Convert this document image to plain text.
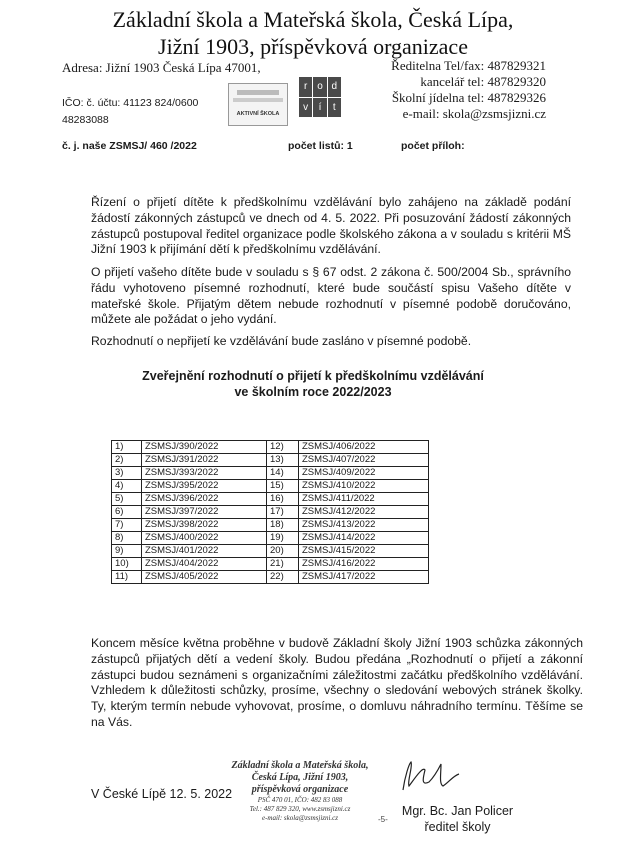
Základní škola a Mateřská škola, Česká Lípa,
Jižní 1903, příspěvková organizace
Adresa: Jižní 1903 Česká Lípa 47001,
IČO: č. účtu: 41123 824/0600
48283088	AKTIVNÍ ŠKOLA
r o d
v	í	t
Ředitelna Tel/fax: 487829321
kancelář tel: 487829320
Školní jídelna tel: 487829326
e-mail: skola@zsmsjizni.cz
č. j. naše ZSMSJ/ 460 /2022	počet listů: 1	počet příloh:

Řízení o přijetí dítěte k předškolnímu vzdělávání bylo zahájeno na základě podání žádostí zákonných zástupců ve dnech od 4. 5. 2022. Při posuzování žádostí zákonných zástupců postupoval ředitel organizace podle školského zákona a v souladu s kritérii MŠ Jižní 1903 k přijímání dětí k předškolnímu vzdělávání.

O přijetí vašeho dítěte bude v souladu s § 67 odst. 2 zákona č. 500/2004 Sb., správního řádu vyhotoveno písemné rozhodnutí, které bude součástí spisu Vašeho dítěte v mateřské škole. Přijatým dětem nebude rozhodnutí v písemné podobě doručováno, můžete ale požádat o jeho vydání.

Rozhodnutí o nepřijetí ke vzdělávání bude zasláno v písemné podobě.

Zveřejnění rozhodnutí o přijetí k předškolnímu vzdělávání
ve školním roce 2022/2023
1)	ZSMSJ/390/2022	12)	ZSMSJ/406/2022
2)	ZSMSJ/391/2022	13)	ZSMSJ/407/2022
3)	ZSMSJ/393/2022	14)	ZSMSJ/409/2022
4)	ZSMSJ/395/2022	15)	ZSMSJ/410/2022
5)	ZSMSJ/396/2022	16)	ZSMSJ/411/2022
6)	ZSMSJ/397/2022	17)	ZSMSJ/412/2022
7)	ZSMSJ/398/2022	18)	ZSMSJ/413/2022
8)	ZSMSJ/400/2022	19)	ZSMSJ/414/2022
9)	ZSMSJ/401/2022	20)	ZSMSJ/415/2022
10)	ZSMSJ/404/2022	21)	ZSMSJ/416/2022
11)	ZSMSJ/405/2022	22)	ZSMSJ/417/2022

Koncem měsíce května proběhne v budově Základní školy Jižní 1903 schůzka zákonných zástupců přijatých dětí a vedení školy. Budou předána „Rozhodnutí o přijetí a zákonní zástupci budou seznámeni s organizačními záležitostmi začátku předškolního vzdělávání. Vzhledem k důležitosti schůzky, prosíme, všechny o sledování webových stránek školky. Ty, kterým termín nebude vyhovovat, prosíme, o domluvu náhradního termínu. Těšíme se na Vás.

V České Lípě 12. 5. 2022
Základní škola a Mateřská škola,
Česká Lípa, Jižní 1903,
příspěvková organizace
PSČ 470 01, IČO: 482 83 088
Tel.: 487 829 320, www.zsmsjizni.cz
e-mail: skola@zsmsjizni.cz	-5-
Mgr. Bc. Jan Policer
ředitel školy
